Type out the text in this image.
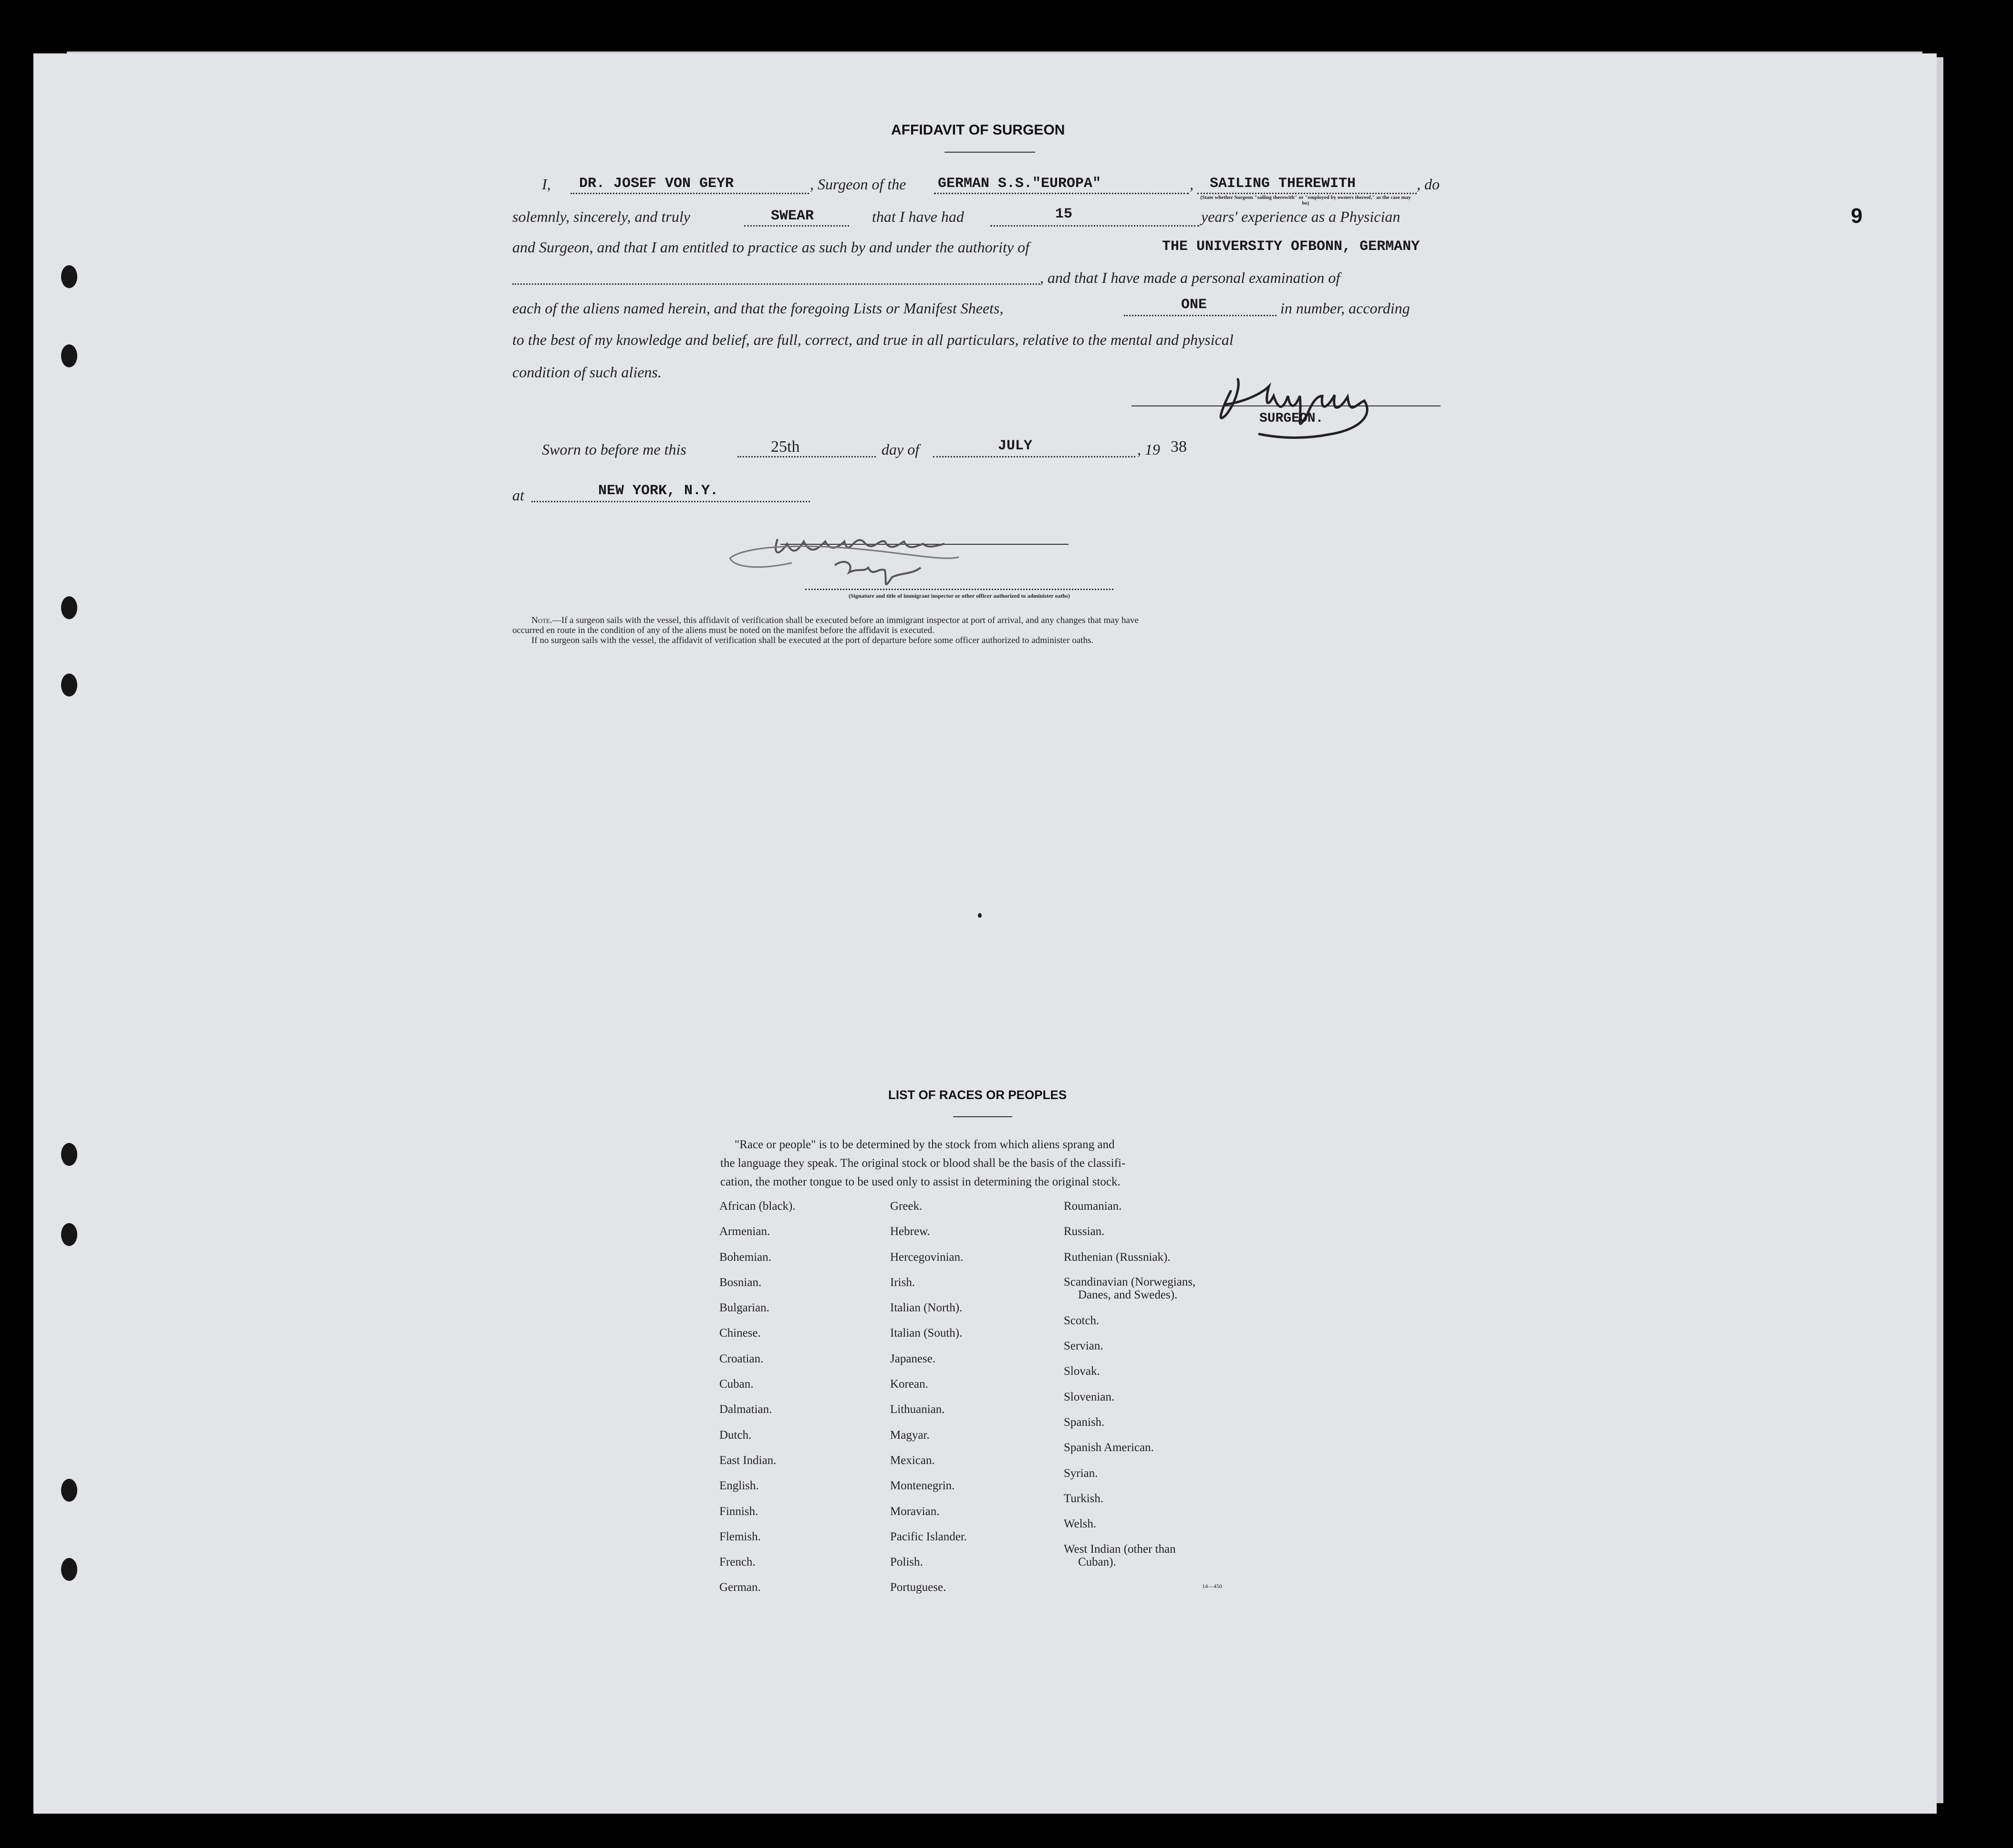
9
AFFIDAVIT OF SURGEON
I, DR. JOSEF VON GEYR	, Surgeon of the GERMAN S.S."EUROPA"	, SAILING THEREWITH	, do
(State whether Surgeon "sailing therewith" or "employed by owners thereof," as the case may be)
solemnly, sincerely, and truly	SWEAR	that I have had	15	years' experience as a Physician
and Surgeon, and that I am entitled to practice as such by and under the authority of	THE UNIVERSITY OFBONN, GERMANY
, and that I have made a personal examination of
each of the aliens named herein, and that the foregoing Lists or Manifest Sheets,	ONE	in number, according
to the best of my knowledge and belief, are full, correct, and true in all particulars, relative to the mental and physical
condition of such aliens.
SURGEON.
Sworn to before me this	25th	day of	JULY	, 19 38
at	NEW YORK, N.Y.
(Signature and title of immigrant inspector or other officer authorized to administer oaths)
Note.—If a surgeon sails with the vessel, this affidavit of verification shall be executed before an immigrant inspector at port of arrival, and any changes that may have
occurred en route in the condition of any of the aliens must be noted on the manifest before the affidavit is executed.
If no surgeon sails with the vessel, the affidavit of verification shall be executed at the port of departure before some officer authorized to administer oaths.
LIST OF RACES OR PEOPLES
"Race or people" is to be determined by the stock from which aliens sprang and
the language they speak. The original stock or blood shall be the basis of the classifi-
cation, the mother tongue to be used only to assist in determining the original stock.
African (black).
Armenian.
Bohemian.
Bosnian.
Bulgarian.
Chinese.
Croatian.
Cuban.
Dalmatian.
Dutch.
East Indian.
English.
Finnish.
Flemish.
French.
German.
Greek.
Hebrew.
Hercegovinian.
Irish.
Italian (North).
Italian (South).
Japanese.
Korean.
Lithuanian.
Magyar.
Mexican.
Montenegrin.
Moravian.
Pacific Islander.
Polish.
Portuguese.
Roumanian.
Russian.
Ruthenian (Russniak).
Scandinavian (Norwegians,
Danes, and Swedes).
Scotch.
Servian.
Slovak.
Slovenian.
Spanish.
Spanish American.
Syrian.
Turkish.
Welsh.
West Indian (other than
Cuban).
14—450
